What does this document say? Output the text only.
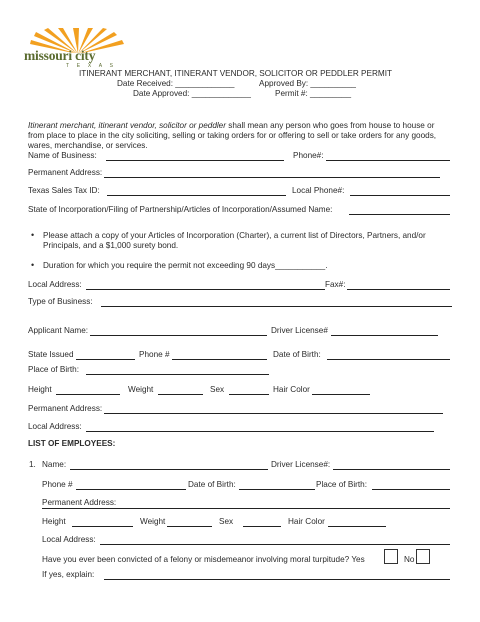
missouri city
T E X A S
ITINERANT MERCHANT, ITINERANT VENDOR, SOLICITOR OR PEDDLER PERMIT
Date Received: _____________	Approved By: __________
Date Approved: _____________	Permit #: _________
Itinerant merchant, itinerant vendor, solicitor or peddler shall mean any person who goes from house to house or
from place to place in the city soliciting, selling or taking orders for or offering to sell or take orders for any goods,
wares, merchandise, or services.
Name of Business:	Phone#:
Permanent Address:
Texas Sales Tax ID:	Local Phone#:
State of Incorporation/Filing of Partnership/Articles of Incorporation/Assumed Name:
• Please attach a copy of your Articles of Incorporation (Charter), a current list of Directors, Partners, and/or
Principals, and a $1,000 surety bond.
• Duration for which you require the permit not exceeding 90 days___________.
Local Address:	Fax#:
Type of Business:
Applicant Name:	Driver License#
State Issued	Phone #	Date of Birth:
Place of Birth:
Height	Weight	Sex	Hair Color
Permanent Address:
Local Address:
LIST OF EMPLOYEES:
1. Name:	Driver License#:
Phone #	Date of Birth:	Place of Birth:
Permanent Address:
Height	Weight	Sex	Hair Color
Local Address:
Have you ever been convicted of a felony or misdemeanor involving moral turpitude? Yes	No
If yes, explain:
